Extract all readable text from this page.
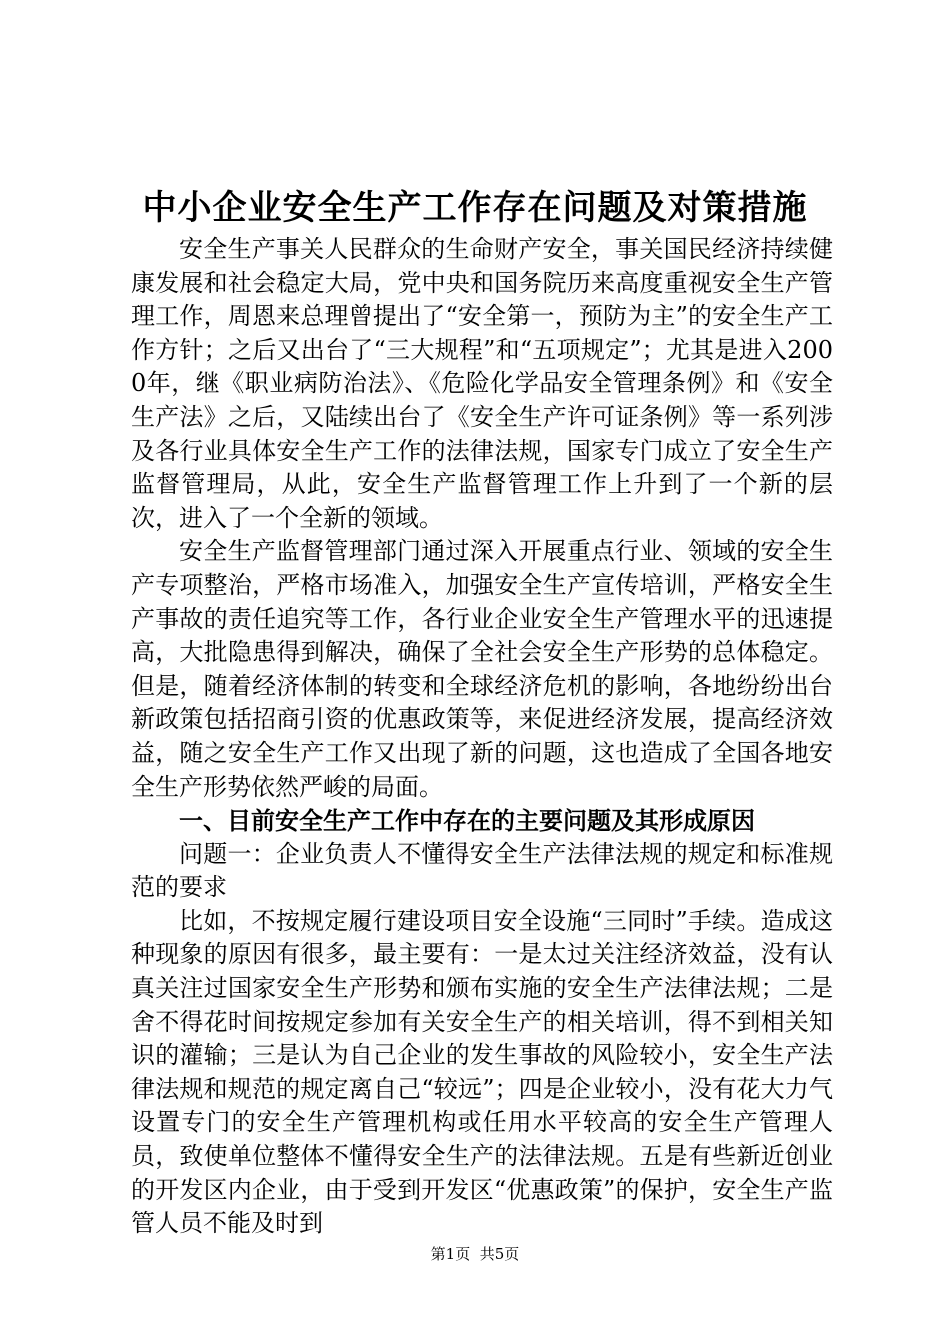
中小企业安全生产工作存在问题及对策措施

安全生产事关人民群众的生命财产安全，事关国民经济持续健康发展和社会稳定大局，党中央和国务院历来高度重视安全生产管理工作，周恩来总理曾提出了“安全第一，预防为主”的安全生产工作方针；之后又出台了“三大规程”和“五项规定”；尤其是进入2000年，继《职业病防治法》、《危险化学品安全管理条例》和《安全生产法》之后，又陆续出台了《安全生产许可证条例》等一系列涉及各行业具体安全生产工作的法律法规，国家专门成立了安全生产监督管理局，从此，安全生产监督管理工作上升到了一个新的层次，进入了一个全新的领域。

安全生产监督管理部门通过深入开展重点行业、领域的安全生产专项整治，严格市场准入，加强安全生产宣传培训，严格安全生产事故的责任追究等工作，各行业企业安全生产管理水平的迅速提高，大批隐患得到解决，确保了全社会安全生产形势的总体稳定。但是，随着经济体制的转变和全球经济危机的影响，各地纷纷出台新政策包括招商引资的优惠政策等，来促进经济发展，提高经济效益，随之安全生产工作又出现了新的问题，这也造成了全国各地安全生产形势依然严峻的局面。

一、目前安全生产工作中存在的主要问题及其形成原因

问题一：企业负责人不懂得安全生产法律法规的规定和标准规范的要求

比如，不按规定履行建设项目安全设施“三同时”手续。造成这种现象的原因有很多，最主要有：一是太过关注经济效益，没有认真关注过国家安全生产形势和颁布实施的安全生产法律法规；二是舍不得花时间按规定参加有关安全生产的相关培训，得不到相关知识的灌输；三是认为自己企业的发生事故的风险较小，安全生产法律法规和规范的规定离自己“较远”；四是企业较小，没有花大力气设置专门的安全生产管理机构或任用水平较高的安全生产管理人员，致使单位整体不懂得安全生产的法律法规。五是有些新近创业的开发区内企业，由于受到开发区“优惠政策”的保护，安全生产监管人员不能及时到

第1页 共5页
